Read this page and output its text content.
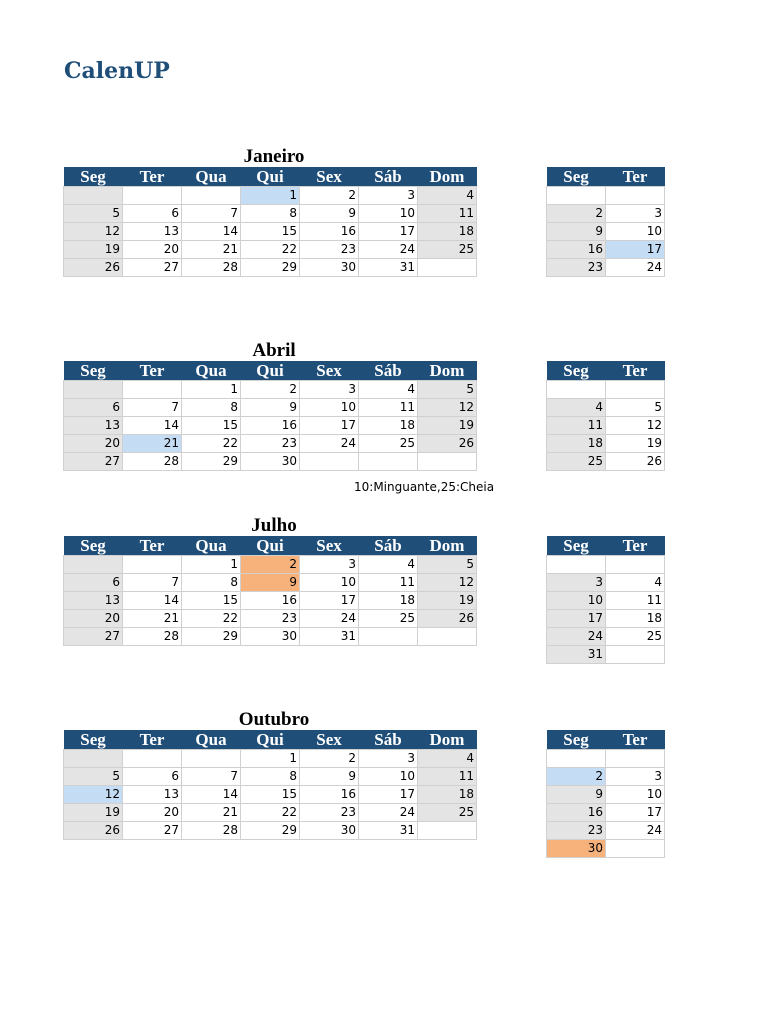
CalenUP
Janeiro
Seg	Ter	Qua	Qui	Sex	Sáb	Dom
			1	2	3	4
5	6	7	8	9	10	11
12	13	14	15	16	17	18
19	20	21	22	23	24	25
26	27	28	29	30	31	
Seg	Ter

2	3
9	10
16	17
23	24
Abril
Seg	Ter	Qua	Qui	Sex	Sáb	Dom
		1	2	3	4	5
6	7	8	9	10	11	12
13	14	15	16	17	18	19
20	21	22	23	24	25	26
27	28	29	30			
Seg	Ter

4	5
11	12
18	19
25	26
10:Minguante,25:Cheia
Julho
Seg	Ter	Qua	Qui	Sex	Sáb	Dom
		1	2	3	4	5
6	7	8	9	10	11	12
13	14	15	16	17	18	19
20	21	22	23	24	25	26
27	28	29	30	31		
Seg	Ter

3	4
10	11
17	18
24	25
31	
Outubro
Seg	Ter	Qua	Qui	Sex	Sáb	Dom
			1	2	3	4
5	6	7	8	9	10	11
12	13	14	15	16	17	18
19	20	21	22	23	24	25
26	27	28	29	30	31	
Seg	Ter

2	3
9	10
16	17
23	24
30	
